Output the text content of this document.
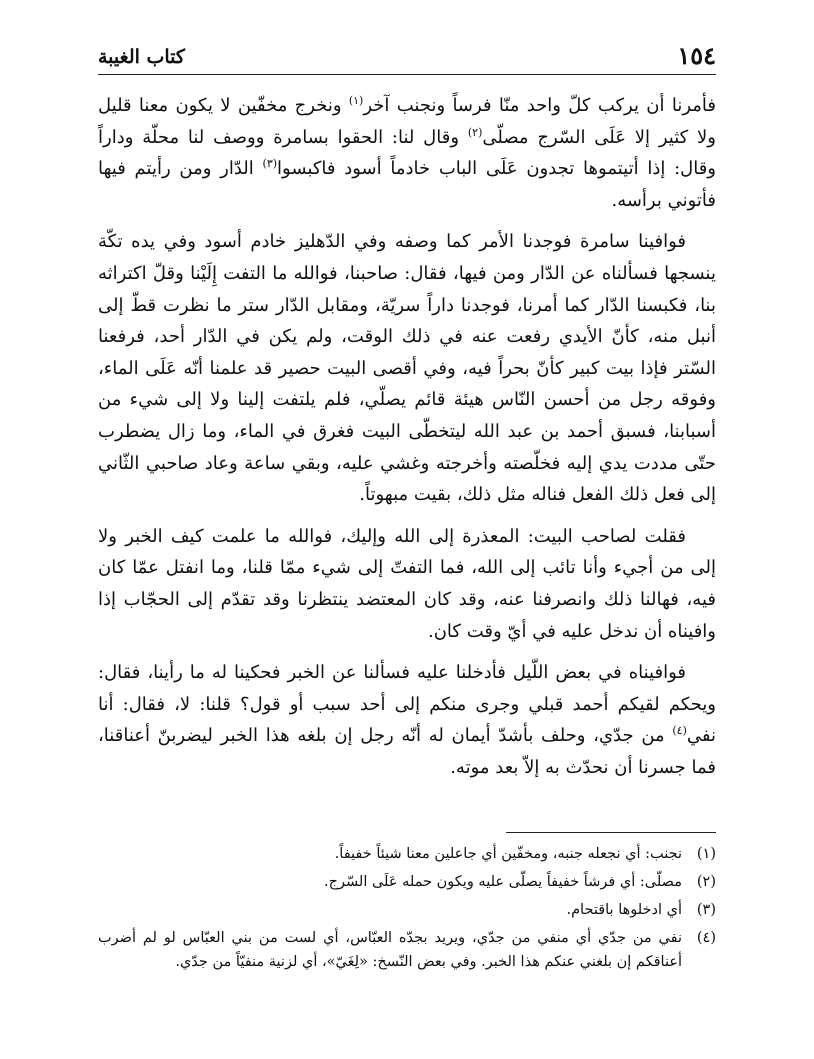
١٥٤
كتاب الغيبة

فأمرنا أن يركب كلّ واحد منّا فرساً ونجنب آخر$^{(١)}$ ونخرج مخفّين لا يكون معنا قليل ولا كثير إلا عَلَى السّرج مصلّى$^{(٢)}$ وقال لنا: الحقوا بسامرة ووصف لنا محلّة وداراً وقال: إذا أتيتموها تجدون عَلَى الباب خادماً أسود فاكبسوا$^{(٣)}$ الدّار ومن رأيتم فيها فأتوني برأسه.

فوافينا سامرة فوجدنا الأمر كما وصفه وفي الدّهليز خادم أسود وفي يده تكّة ينسجها فسألناه عن الدّار ومن فيها، فقال: صاحبنا، فوالله ما التفت إِلَيْنا وقلّ اكتراثه بنا، فكبسنا الدّار كما أمرنا، فوجدنا داراً سريّة، ومقابل الدّار ستر ما نظرت قطّ إلى أنبل منه، كأنّ الأيدي رفعت عنه في ذلك الوقت، ولم يكن في الدّار أحد، فرفعنا السّتر فإذا بيت كبير كأنّ بحراً فيه، وفي أقصى البيت حصير قد علمنا أنّه عَلَى الماء، وفوقه رجل من أحسن النّاس هيئة قائم يصلّي، فلم يلتفت إلينا ولا إلى شيء من أسبابنا، فسبق أحمد بن عبد الله ليتخطّى البيت فغرق في الماء، وما زال يضطرب حتّى مددت يدي إليه فخلّصته وأخرجته وغشي عليه، وبقي ساعة وعاد صاحبي الثّاني إلى فعل ذلك الفعل فناله مثل ذلك، بقيت مبهوتاً.

فقلت لصاحب البيت: المعذرة إلى الله وإليك، فوالله ما علمت كيف الخبر ولا إلى من أجيء وأنا تائب إلى الله، فما التفتّ إلى شيء ممّا قلنا، وما انفتل عمّا كان فيه، فهالنا ذلك وانصرفنا عنه، وقد كان المعتضد ينتظرنا وقد تقدّم إلى الحجّاب إذا وافيناه أن ندخل عليه في أيّ وقت كان.

فوافيناه في بعض اللّيل فأدخلنا عليه فسألنا عن الخبر فحكينا له ما رأينا، فقال: ويحكم لقيكم أحمد قبلي وجرى منكم إلى أحد سبب أو قول؟ قلنا: لا، فقال: أنا نفي$^{(٤)}$ من جدّي، وحلف بأشدّ أيمان له أنّه رجل إن بلغه هذا الخبر ليضربنّ أعناقنا، فما جسرنا أن نحدّث به إلاّ بعد موته.

(١)
نجنب: أي نجعله جنبه، ومخفّين أي جاعلين معنا شيئاً خفيفاً.
(٢)
مصلّى: أي فرشاً خفيفاً يصلّى عليه ويكون حمله عَلَى السّرج.
(٣)
أي ادخلوها باقتحام.
(٤)
نفي من جدّي أي منفي من جدّي، ويريد بجدّه العبّاس، أي لست من بني العبّاس لو لم أضرب أعناقكم إن بلغني عنكم هذا الخبر. وفي بعض النّسخ: «لِغَيّ»، أي لزنية منفيّاً من جدّي.
